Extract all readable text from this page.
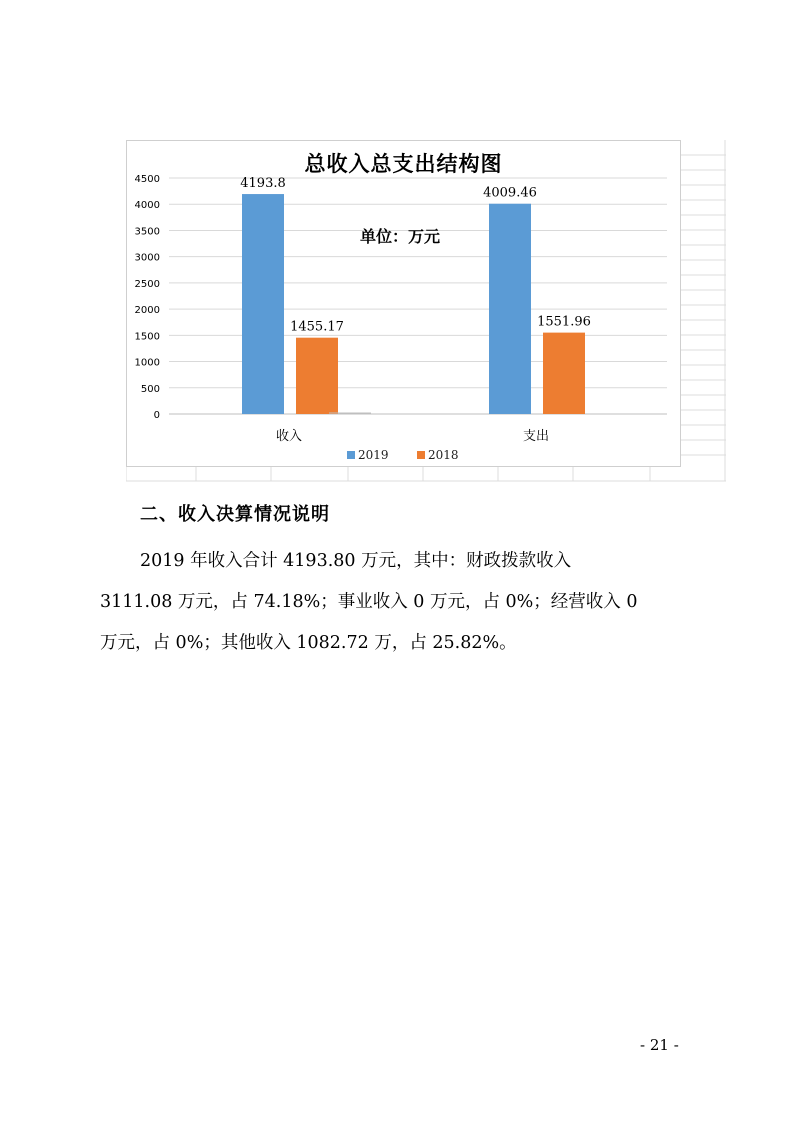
0
500
1000
1500
2000
2500
3000
3500
4000
4500	4193.8
1455.17
4009.46
1551.96
收入	支出
2019	2018
总收入总支出结构图
单位：万元
二、收入决算情况说明

2019 年收入合计 4193.80 万元，其中：财政拨款收入

3111.08 万元，占 74.18%；事业收入 0 万元，占 0%；经营收入 0

万元，占 0%；其他收入 1082.72 万，占 25.82%。

- 21 -
